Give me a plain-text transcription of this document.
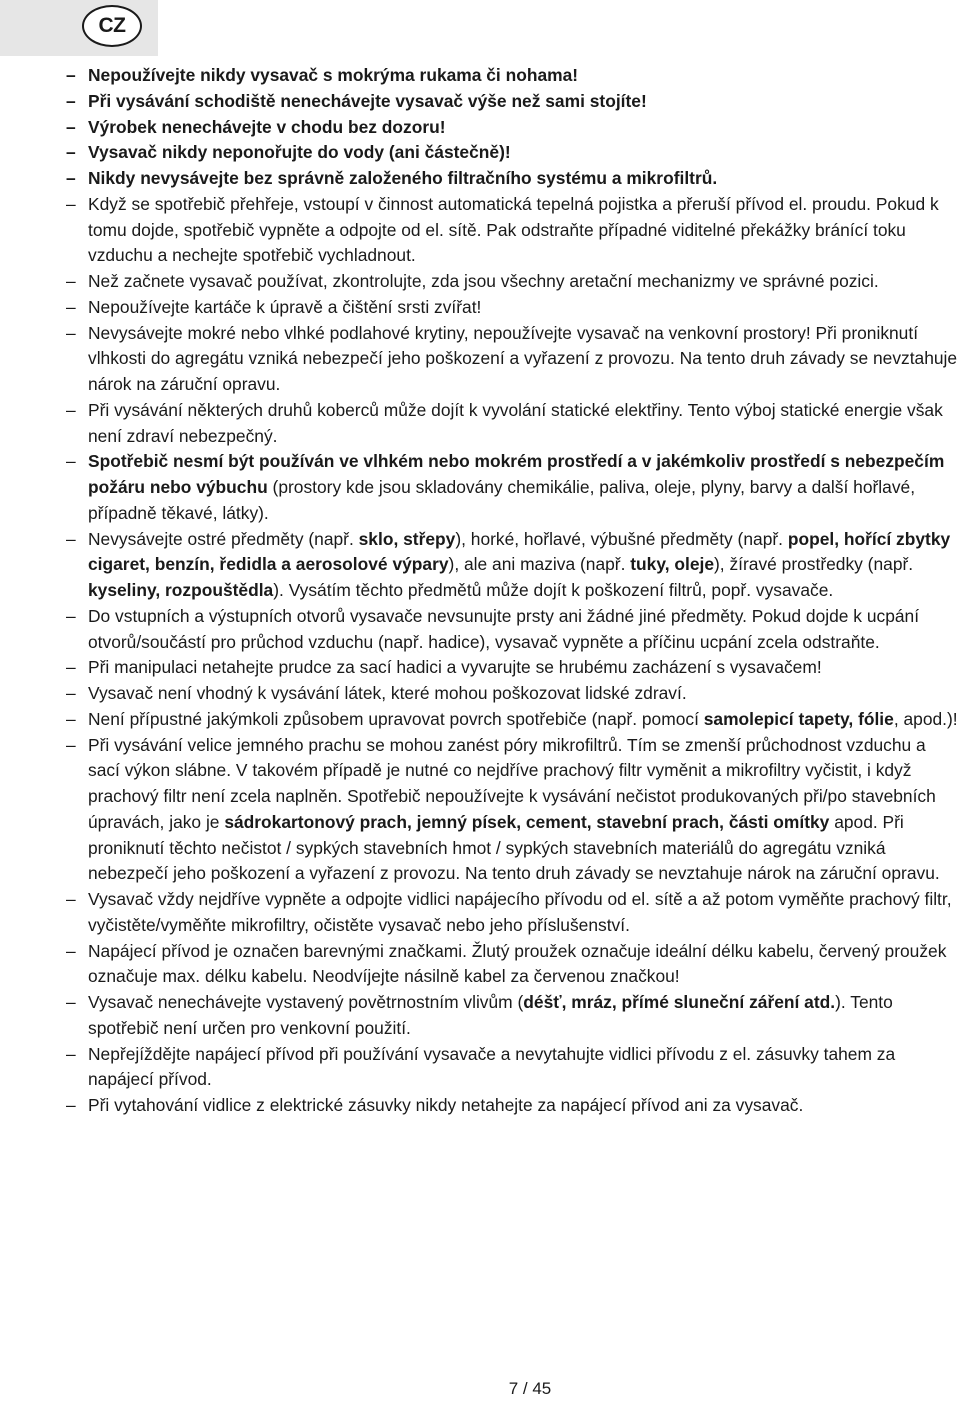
CZ

– Nepoužívejte nikdy vysavač s mokrýma rukama či nohama!

– Při vysávání schodiště nenechávejte vysavač výše než sami stojíte!

– Výrobek nenechávejte v chodu bez dozoru!

– Vysavač nikdy neponořujte do vody (ani částečně)!

– Nikdy nevysávejte bez správně založeného filtračního systému a mikrofiltrů.

– Když se spotřebič přehřeje, vstoupí v činnost automatická tepelná pojistka a přeruší přívod el. proudu. Pokud k tomu dojde, spotřebič vypněte a odpojte od el. sítě. Pak odstraňte případné viditelné překážky bránící toku vzduchu a nechejte spotřebič vychladnout.

– Než začnete vysavač používat, zkontrolujte, zda jsou všechny aretační mechanizmy ve správné pozici.

– Nepoužívejte kartáče k úpravě a čištění srsti zvířat!

– Nevysávejte mokré nebo vlhké podlahové krytiny, nepoužívejte vysavač na venkovní prostory! Při proniknutí vlhkosti do agregátu vzniká nebezpečí jeho poškození a vyřazení z provozu. Na tento druh závady se nevztahuje nárok na záruční opravu.

– Při vysávání některých druhů koberců může dojít k vyvolání statické elektřiny. Tento výboj statické energie však není zdraví nebezpečný.

– Spotřebič nesmí být používán ve vlhkém nebo mokrém prostředí a v jakémkoliv prostředí s nebezpečím požáru nebo výbuchu (prostory kde jsou skladovány chemikálie, paliva, oleje, plyny, barvy a další hořlavé, případně těkavé, látky).

– Nevysávejte ostré předměty (např. sklo, střepy), horké, hořlavé, výbušné předměty (např. popel, hořící zbytky cigaret, benzín, ředidla a aerosolové výpary), ale ani maziva (např. tuky, oleje), žíravé prostředky (např. kyseliny, rozpouštědla). Vysátím těchto předmětů může dojít k poškození filtrů, popř. vysavače.

– Do vstupních a výstupních otvorů vysavače nevsunujte prsty ani žádné jiné předměty. Pokud dojde k ucpání otvorů/součástí pro průchod vzduchu (např. hadice), vysavač vypněte a příčinu ucpání zcela odstraňte.

– Při manipulaci netahejte prudce za sací hadici a vyvarujte se hrubému zacházení s vysavačem!

– Vysavač není vhodný k vysávání látek, které mohou poškozovat lidské zdraví.

– Není přípustné jakýmkoli způsobem upravovat povrch spotřebiče (např. pomocí samolepicí tapety, fólie, apod.)!

– Při vysávání velice jemného prachu se mohou zanést póry mikrofiltrů. Tím se zmenší průchodnost vzduchu a sací výkon slábne. V takovém případě je nutné co nejdříve prachový filtr vyměnit a mikrofiltry vyčistit, i když prachový filtr není zcela naplněn. Spotřebič nepoužívejte k vysávání nečistot produkovaných při/po stavebních úpravách, jako je sádrokartonový prach, jemný písek, cement, stavební prach, části omítky apod. Při proniknutí těchto nečistot / sypkých stavebních hmot / sypkých stavebních materiálů do agregátu vzniká nebezpečí jeho poškození a vyřazení z provozu. Na tento druh závady se nevztahuje nárok na záruční opravu.

– Vysavač vždy nejdříve vypněte a odpojte vidlici napájecího přívodu od el. sítě a až potom vyměňte prachový filtr, vyčistěte/vyměňte mikrofiltry, očistěte vysavač nebo jeho příslušenství.

– Napájecí přívod je označen barevnými značkami. Žlutý proužek označuje ideální délku kabelu, červený proužek označuje max. délku kabelu. Neodvíjejte násilně kabel za červenou značkou!

– Vysavač nenechávejte vystavený povětrnostním vlivům (déšť, mráz, přímé sluneční záření atd.). Tento spotřebič není určen pro venkovní použití.

– Nepřejíždějte napájecí přívod při používání vysavače a nevytahujte vidlici přívodu z el. zásuvky tahem za napájecí přívod.

– Při vytahování vidlice z elektrické zásuvky nikdy netahejte za napájecí přívod ani za vysavač.

7 / 45
